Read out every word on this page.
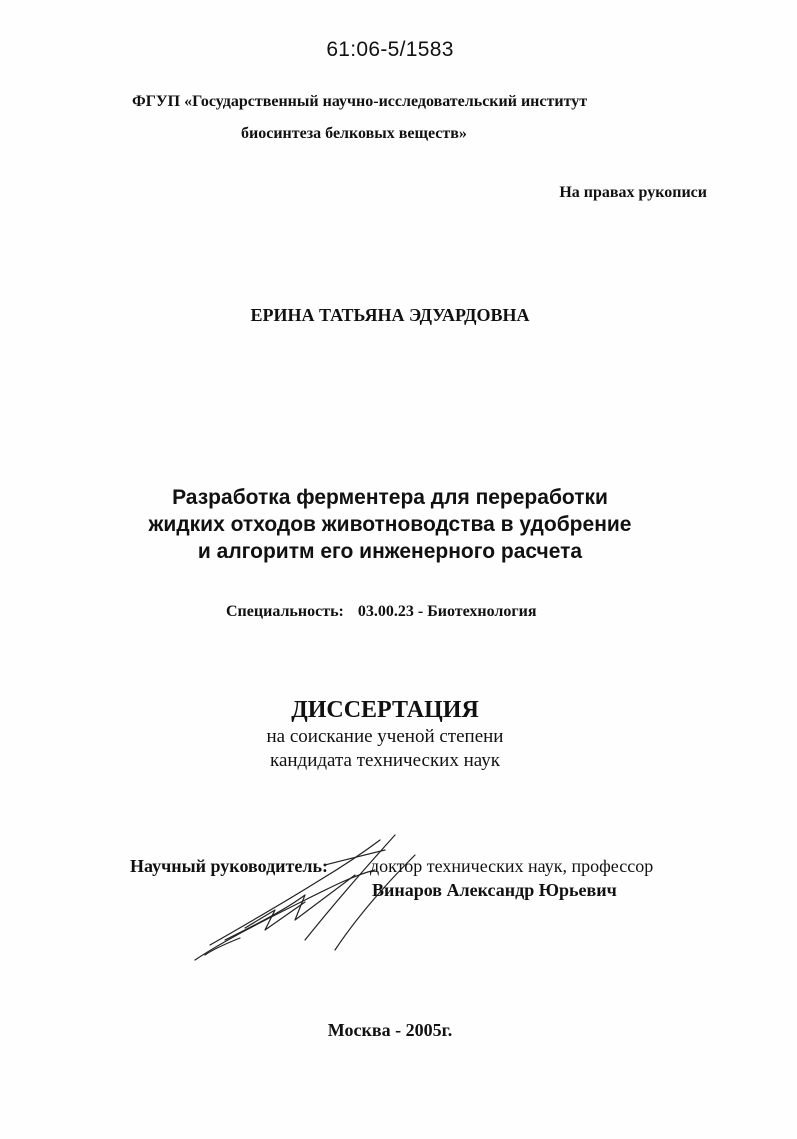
61:06-5/1583
ФГУП «Государственный научно-исследовательский институт
биосинтеза белковых веществ»
На правах рукописи
ЕРИНА ТАТЬЯНА ЭДУАРДОВНА
Разработка ферментера для переработки
жидких отходов животноводства в удобрение
и алгоритм его инженерного расчета
Специальность: 03.00.23 - Биотехнология
ДИССЕРТАЦИЯ
на соискание ученой степени
кандидата технических наук
Научный руководитель: доктор технических наук, профессор
Винаров Александр Юрьевич
Москва - 2005г.
